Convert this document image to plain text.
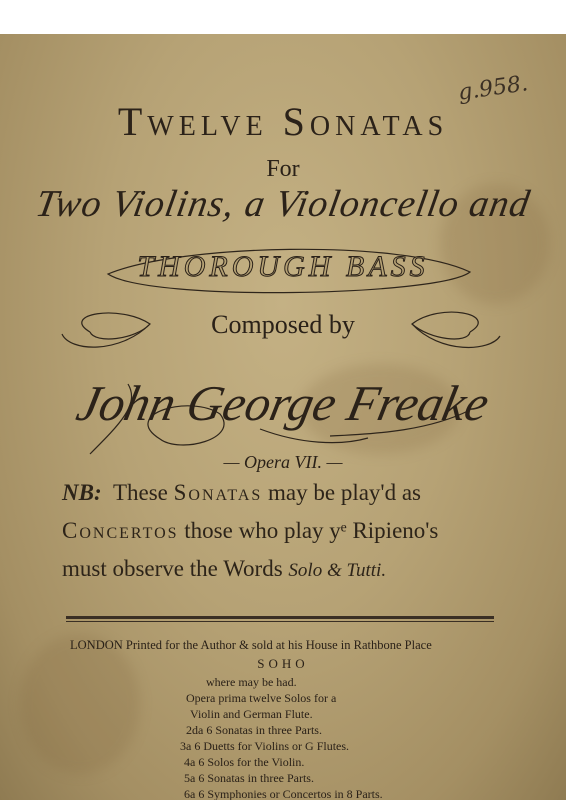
g.958.
Twelve Sonatas
For
Two Violins, a Violoncello and
THOROUGH BASS
Composed by
John George Freake
— Opera VII. —
NB: These Sonatas may be play'd as
Concertos those who play yᵉ Ripieno's
must observe the Words Solo & Tutti.
LONDON Printed for the Author & sold at his House in Rathbone Place
SOHO
where may be had.
Opera prima twelve Solos for a
Violin and German Flute.
2da 6 Sonatas in three Parts.
3a 6 Duetts for Violins or G Flutes.
4a 6 Solos for the Violin.
5a 6 Sonatas in three Parts.
6a 6 Symphonies or Concertos in 8 Parts.
